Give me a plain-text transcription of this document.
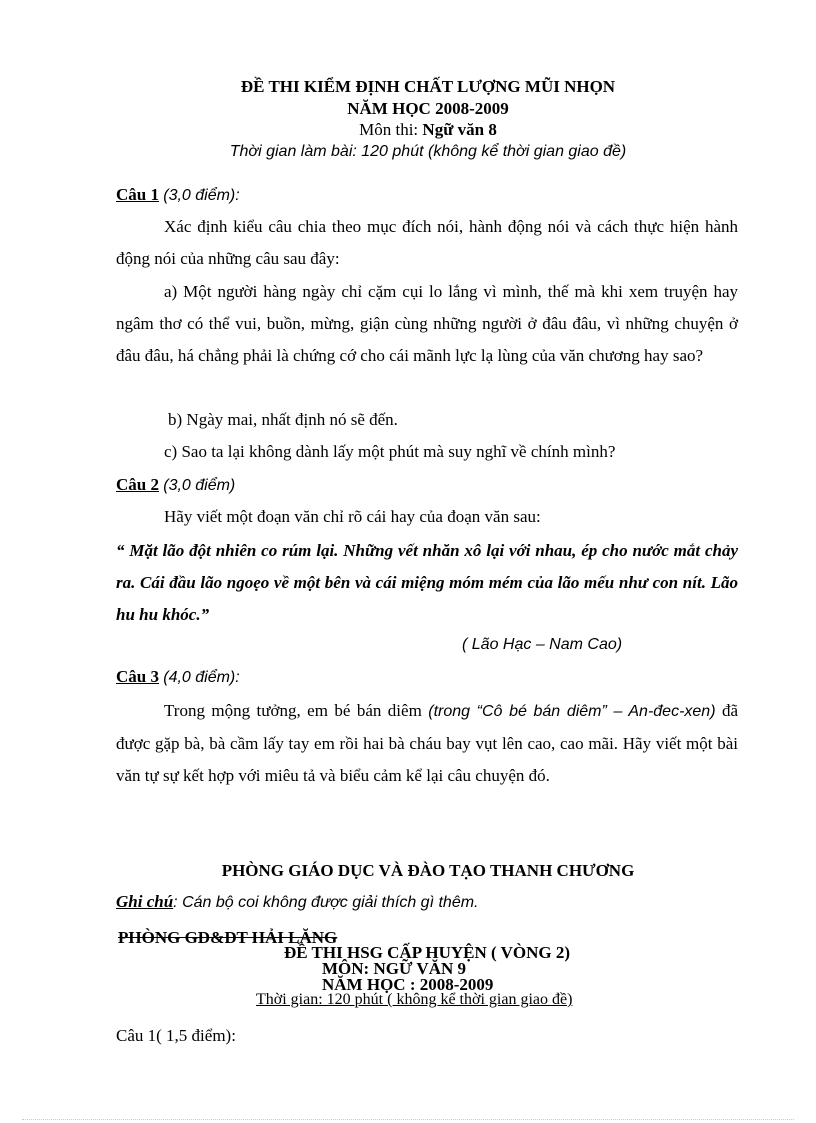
ĐỀ THI KIỂM ĐỊNH CHẤT LƯỢNG MŨI NHỌN
NĂM HỌC 2008-2009
Môn thi: Ngữ văn 8
Thời gian làm bài: 120 phút (không kể thời gian giao đề)
Câu 1 (3,0 điểm):
Xác định kiểu câu chia theo mục đích nói, hành động nói và cách thực hiện hành động nói của những câu sau đây:
a) Một người hàng ngày chỉ cặm cụi lo lắng vì mình, thế mà khi xem truyện hay ngâm thơ có thể vui, buồn, mừng, giận cùng những người ở đâu đâu, vì những chuyện ở đâu đâu, há chẳng phải là chứng cớ cho cái mãnh lực lạ lùng của văn chương hay sao?
b) Ngày mai, nhất định nó sẽ đến.
c) Sao ta lại không dành lấy một phút mà suy nghĩ về chính mình?
Câu 2 (3,0 điểm)
Hãy viết một đoạn văn chỉ rõ cái hay của đoạn văn sau:
“ Mặt lão đột nhiên co rúm lại. Những vết nhăn xô lại với nhau, ép cho nước mắt chảy ra. Cái đầu lão ngoẹo về một bên và cái miệng móm mém của lão mếu như con nít. Lão hu hu khóc.”
( Lão Hạc – Nam Cao)
Câu 3 (4,0 điểm):
Trong mộng tưởng, em bé bán diêm (trong “Cô bé bán diêm” – An-đec-xen) đã được gặp bà, bà cầm lấy tay em rồi hai bà cháu bay vụt lên cao, cao mãi. Hãy viết một bài văn tự sự kết hợp với miêu tả và biểu cảm kể lại câu chuyện đó.
PHÒNG GIÁO DỤC VÀ ĐÀO TẠO THANH CHƯƠNG
Ghi chú: Cán bộ coi không được giải thích gì thêm.
PHÒNG GD&ĐT HẢI LĂNG
ĐỀ THI HSG CẤP HUYỆN ( VÒNG 2)
MÔN: NGỮ VĂN 9
NĂM HỌC : 2008-2009
Thời gian: 120 phút ( không kể thời gian giao đề)
Câu 1( 1,5 điểm):
